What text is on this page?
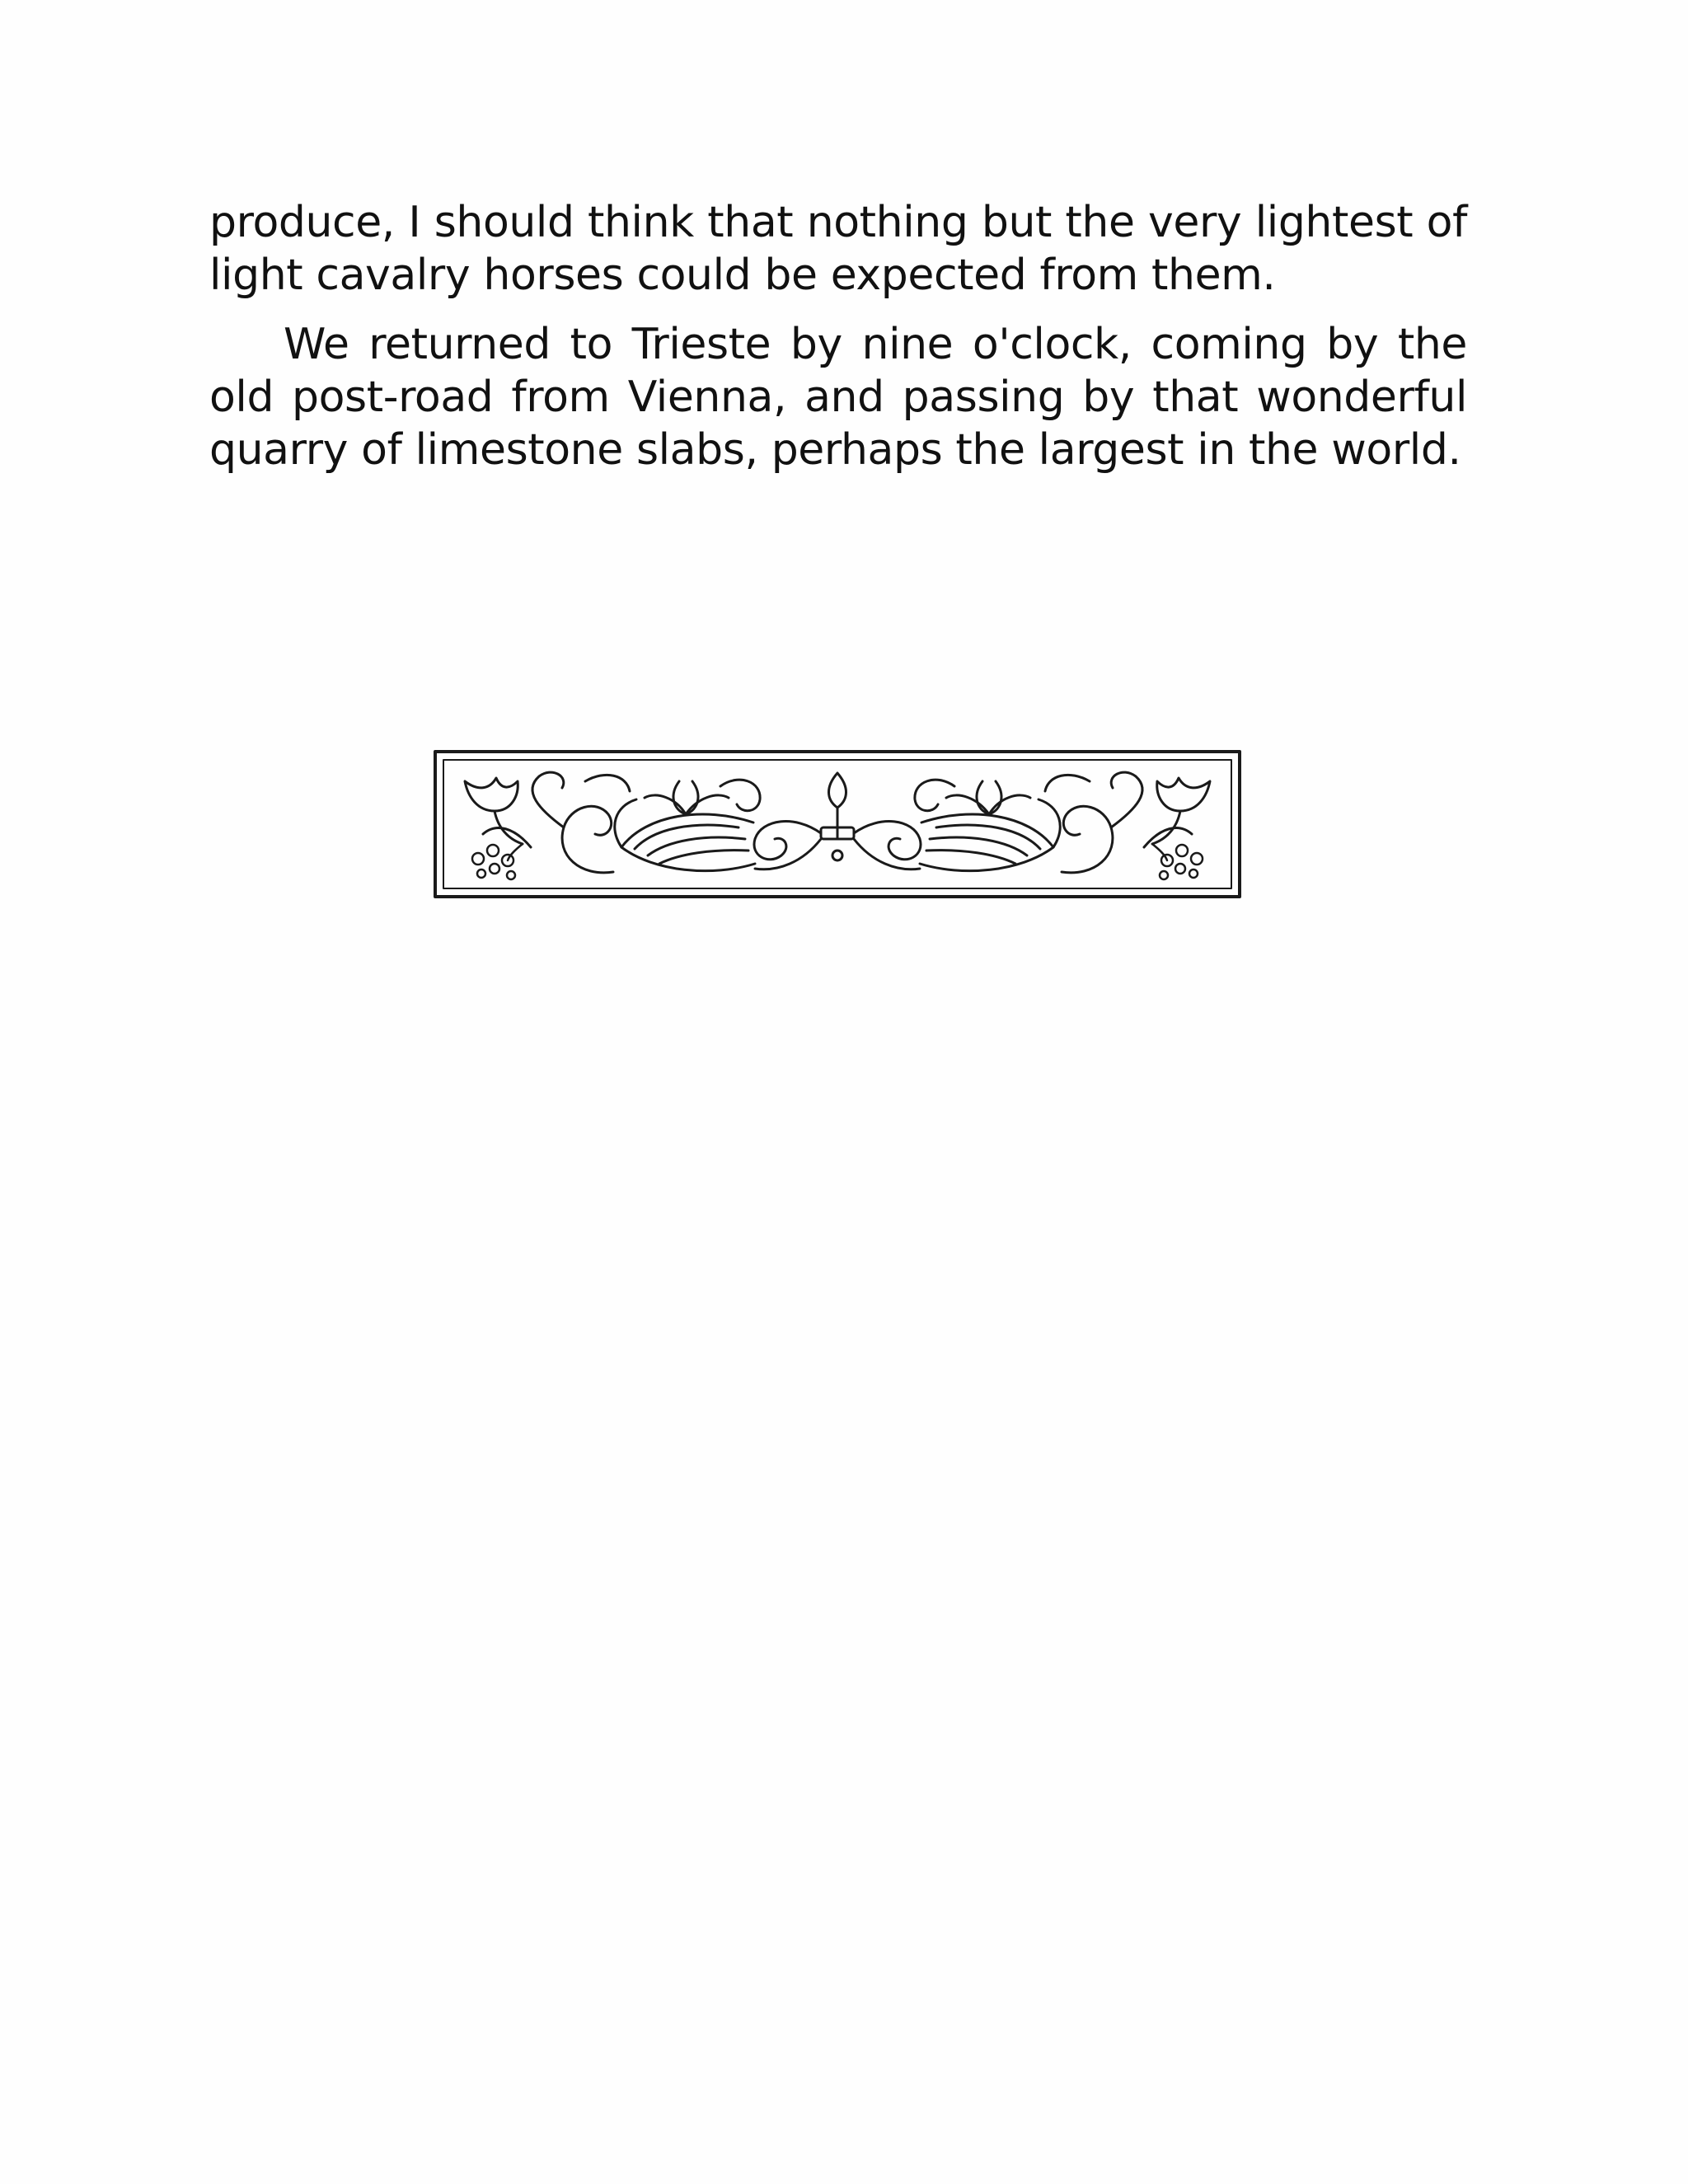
produce, I should think that nothing but the very lightest of light cavalry horses could be expected from them.

We returned to Trieste by nine o'clock, coming by the old post-road from Vienna, and passing by that wonderful quarry of limestone slabs, perhaps the largest in the world.
